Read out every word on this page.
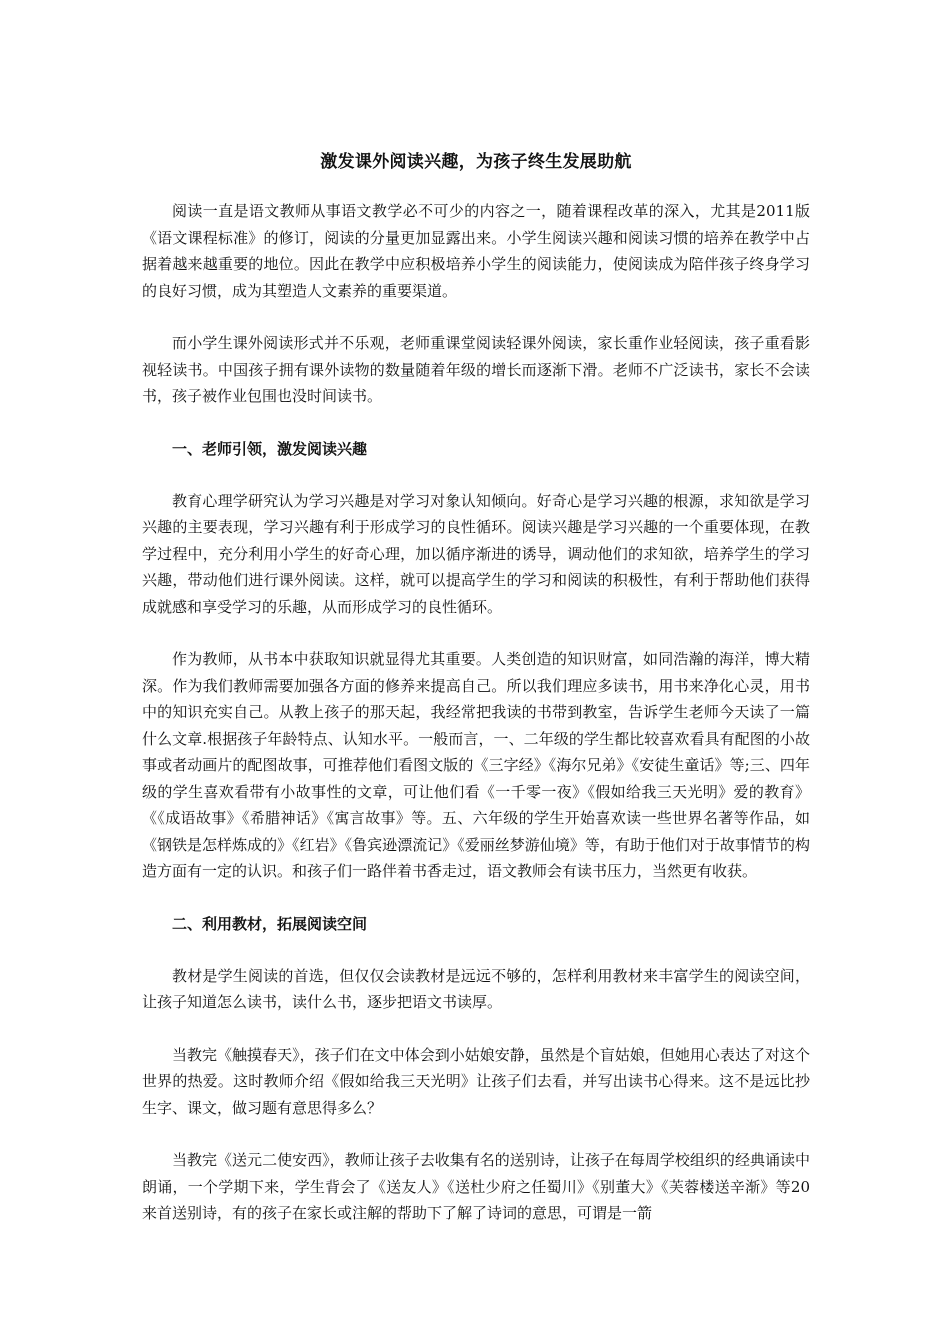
激发课外阅读兴趣，为孩子终生发展助航

阅读一直是语文教师从事语文教学必不可少的内容之一，随着课程改革的深入，尤其是2011版《语文课程标准》的修订，阅读的分量更加显露出来。小学生阅读兴趣和阅读习惯的培养在教学中占据着越来越重要的地位。因此在教学中应积极培养小学生的阅读能力，使阅读成为陪伴孩子终身学习的良好习惯，成为其塑造人文素养的重要渠道。

而小学生课外阅读形式并不乐观，老师重课堂阅读轻课外阅读，家长重作业轻阅读，孩子重看影视轻读书。中国孩子拥有课外读物的数量随着年级的增长而逐渐下滑。老师不广泛读书，家长不会读书，孩子被作业包围也没时间读书。

一、老师引领，激发阅读兴趣

教育心理学研究认为学习兴趣是对学习对象认知倾向。好奇心是学习兴趣的根源，求知欲是学习兴趣的主要表现，学习兴趣有利于形成学习的良性循环。阅读兴趣是学习兴趣的一个重要体现，在教学过程中，充分利用小学生的好奇心理，加以循序渐进的诱导，调动他们的求知欲，培养学生的学习兴趣，带动他们进行课外阅读。这样，就可以提高学生的学习和阅读的积极性，有利于帮助他们获得成就感和享受学习的乐趣，从而形成学习的良性循环。

作为教师，从书本中获取知识就显得尤其重要。人类创造的知识财富，如同浩瀚的海洋，博大精深。作为我们教师需要加强各方面的修养来提高自己。所以我们理应多读书，用书来净化心灵，用书中的知识充实自己。从教上孩子的那天起，我经常把我读的书带到教室，告诉学生老师今天读了一篇什么文章.根据孩子年龄特点、认知水平。一般而言，一、二年级的学生都比较喜欢看具有配图的小故事或者动画片的配图故事，可推荐他们看图文版的《三字经》《海尔兄弟》《安徒生童话》等;三、四年级的学生喜欢看带有小故事性的文章，可让他们看《一千零一夜》《假如给我三天光明》爱的教育》《《成语故事》《希腊神话》《寓言故事》等。五、六年级的学生开始喜欢读一些世界名著等作品，如《钢铁是怎样炼成的》《红岩》《鲁宾逊漂流记》《爱丽丝梦游仙境》等，有助于他们对于故事情节的构造方面有一定的认识。和孩子们一路伴着书香走过，语文教师会有读书压力，当然更有收获。

二、利用教材，拓展阅读空间

教材是学生阅读的首选，但仅仅会读教材是远远不够的，怎样利用教材来丰富学生的阅读空间，让孩子知道怎么读书，读什么书，逐步把语文书读厚。

当教完《触摸春天》，孩子们在文中体会到小姑娘安静，虽然是个盲姑娘，但她用心表达了对这个世界的热爱。这时教师介绍《假如给我三天光明》让孩子们去看，并写出读书心得来。这不是远比抄生字、课文，做习题有意思得多么？

当教完《送元二使安西》，教师让孩子去收集有名的送别诗，让孩子在每周学校组织的经典诵读中朗诵，一个学期下来，学生背会了《送友人》《送杜少府之任蜀川》《别董大》《芙蓉楼送辛渐》等20来首送别诗，有的孩子在家长或注解的帮助下了解了诗词的意思，可谓是一箭
